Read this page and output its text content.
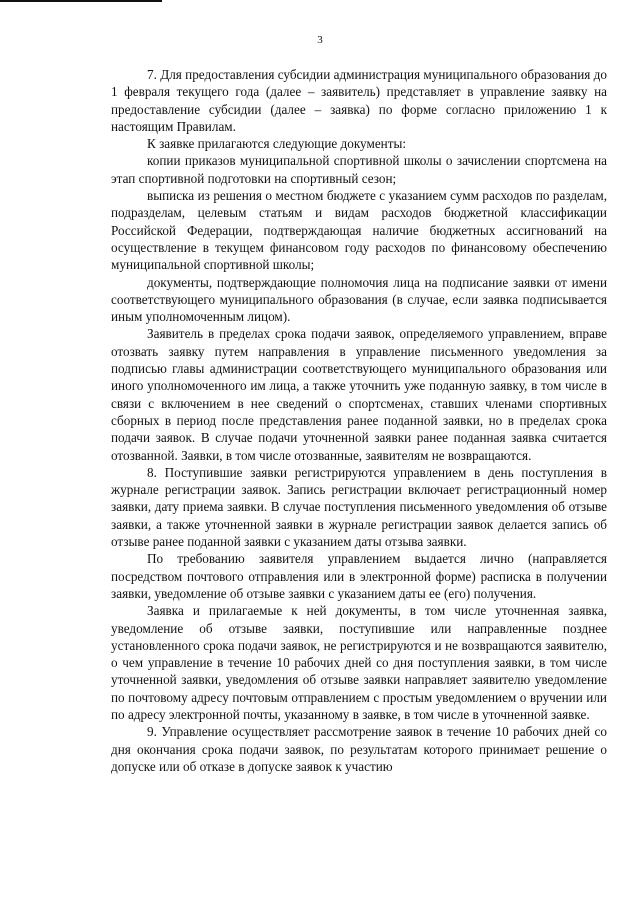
3

7. Для предоставления субсидии администрация муниципального образования до 1 февраля текущего года (далее – заявитель) представляет в управление заявку на предоставление субсидии (далее – заявка) по форме согласно приложению 1 к настоящим Правилам.

К заявке прилагаются следующие документы:

копии приказов муниципальной спортивной школы о зачислении спортсмена на этап спортивной подготовки на спортивный сезон;

выписка из решения о местном бюджете с указанием сумм расходов по разделам, подразделам, целевым статьям и видам расходов бюджетной классификации Российской Федерации, подтверждающая наличие бюджетных ассигнований на осуществление в текущем финансовом году расходов по финансовому обеспечению муниципальной спортивной школы;

документы, подтверждающие полномочия лица на подписание заявки от имени соответствующего муниципального образования (в случае, если заявка подписывается иным уполномоченным лицом).

Заявитель в пределах срока подачи заявок, определяемого управлением, вправе отозвать заявку путем направления в управление письменного уведомления за подписью главы администрации соответствующего муниципального образования или иного уполномоченного им лица, а также уточнить уже поданную заявку, в том числе в связи с включением в нее сведений о спортсменах, ставших членами спортивных сборных в период после представления ранее поданной заявки, но в пределах срока подачи заявок. В случае подачи уточненной заявки ранее поданная заявка считается отозванной. Заявки, в том числе отозванные, заявителям не возвращаются.

8. Поступившие заявки регистрируются управлением в день поступления в журнале регистрации заявок. Запись регистрации включает регистрационный номер заявки, дату приема заявки. В случае поступления письменного уведомления об отзыве заявки, а также уточненной заявки в журнале регистрации заявок делается запись об отзыве ранее поданной заявки с указанием даты отзыва заявки.

По требованию заявителя управлением выдается лично (направляется посредством почтового отправления или в электронной форме) расписка в получении заявки, уведомление об отзыве заявки с указанием даты ее (его) получения.

Заявка и прилагаемые к ней документы, в том числе уточненная заявка, уведомление об отзыве заявки, поступившие или направленные позднее установленного срока подачи заявок, не регистрируются и не возвращаются заявителю, о чем управление в течение 10 рабочих дней со дня поступления заявки, в том числе уточненной заявки, уведомления об отзыве заявки направляет заявителю уведомление по почтовому адресу почтовым отправлением с простым уведомлением о вручении или по адресу электронной почты, указанному в заявке, в том числе в уточненной заявке.

9. Управление осуществляет рассмотрение заявок в течение 10 рабочих дней со дня окончания срока подачи заявок, по результатам которого принимает решение о допуске или об отказе в допуске заявок к участию
